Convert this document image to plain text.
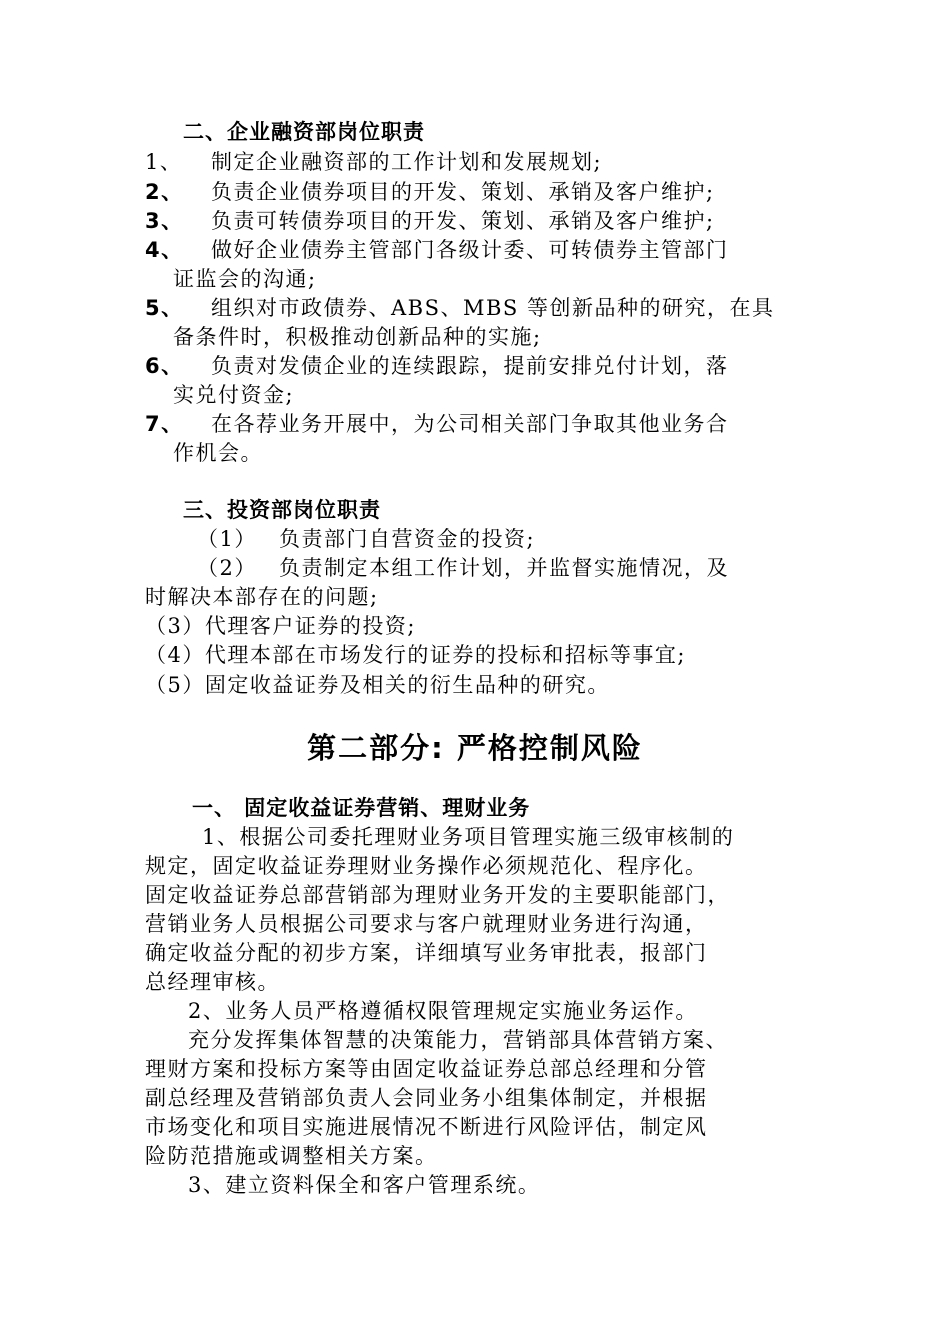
二、企业融资部岗位职责
1、 制定企业融资部的工作计划和发展规划;
2、 负责企业债券项目的开发、策划、承销及客户维护;
3、 负责可转债券项目的开发、策划、承销及客户维护;
4、 做好企业债券主管部门各级计委、可转债券主管部门
证监会的沟通;
5、 组织对市政债券、ABS、MBS 等创新品种的研究，在具
备条件时，积极推动创新品种的实施;
6、 负责对发债企业的连续跟踪，提前安排兑付计划，落
实兑付资金;
7、 在各荐业务开展中，为公司相关部门争取其他业务合
作机会。
三、投资部岗位职责
（1） 负责部门自营资金的投资;
（2） 负责制定本组工作计划，并监督实施情况，及
时解决本部存在的问题;
（3）代理客户证券的投资;
（4）代理本部在市场发行的证券的投标和招标等事宜;
（5）固定收益证券及相关的衍生品种的研究。
第二部分: 严格控制风险
一、 固定收益证券营销、理财业务
1、根据公司委托理财业务项目管理实施三级审核制的
规定，固定收益证券理财业务操作必须规范化、程序化。
固定收益证券总部营销部为理财业务开发的主要职能部门，
营销业务人员根据公司要求与客户就理财业务进行沟通，
确定收益分配的初步方案，详细填写业务审批表，报部门
总经理审核。
2、业务人员严格遵循权限管理规定实施业务运作。
充分发挥集体智慧的决策能力，营销部具体营销方案、
理财方案和投标方案等由固定收益证券总部总经理和分管
副总经理及营销部负责人会同业务小组集体制定，并根据
市场变化和项目实施进展情况不断进行风险评估，制定风
险防范措施或调整相关方案。
3、建立资料保全和客户管理系统。
